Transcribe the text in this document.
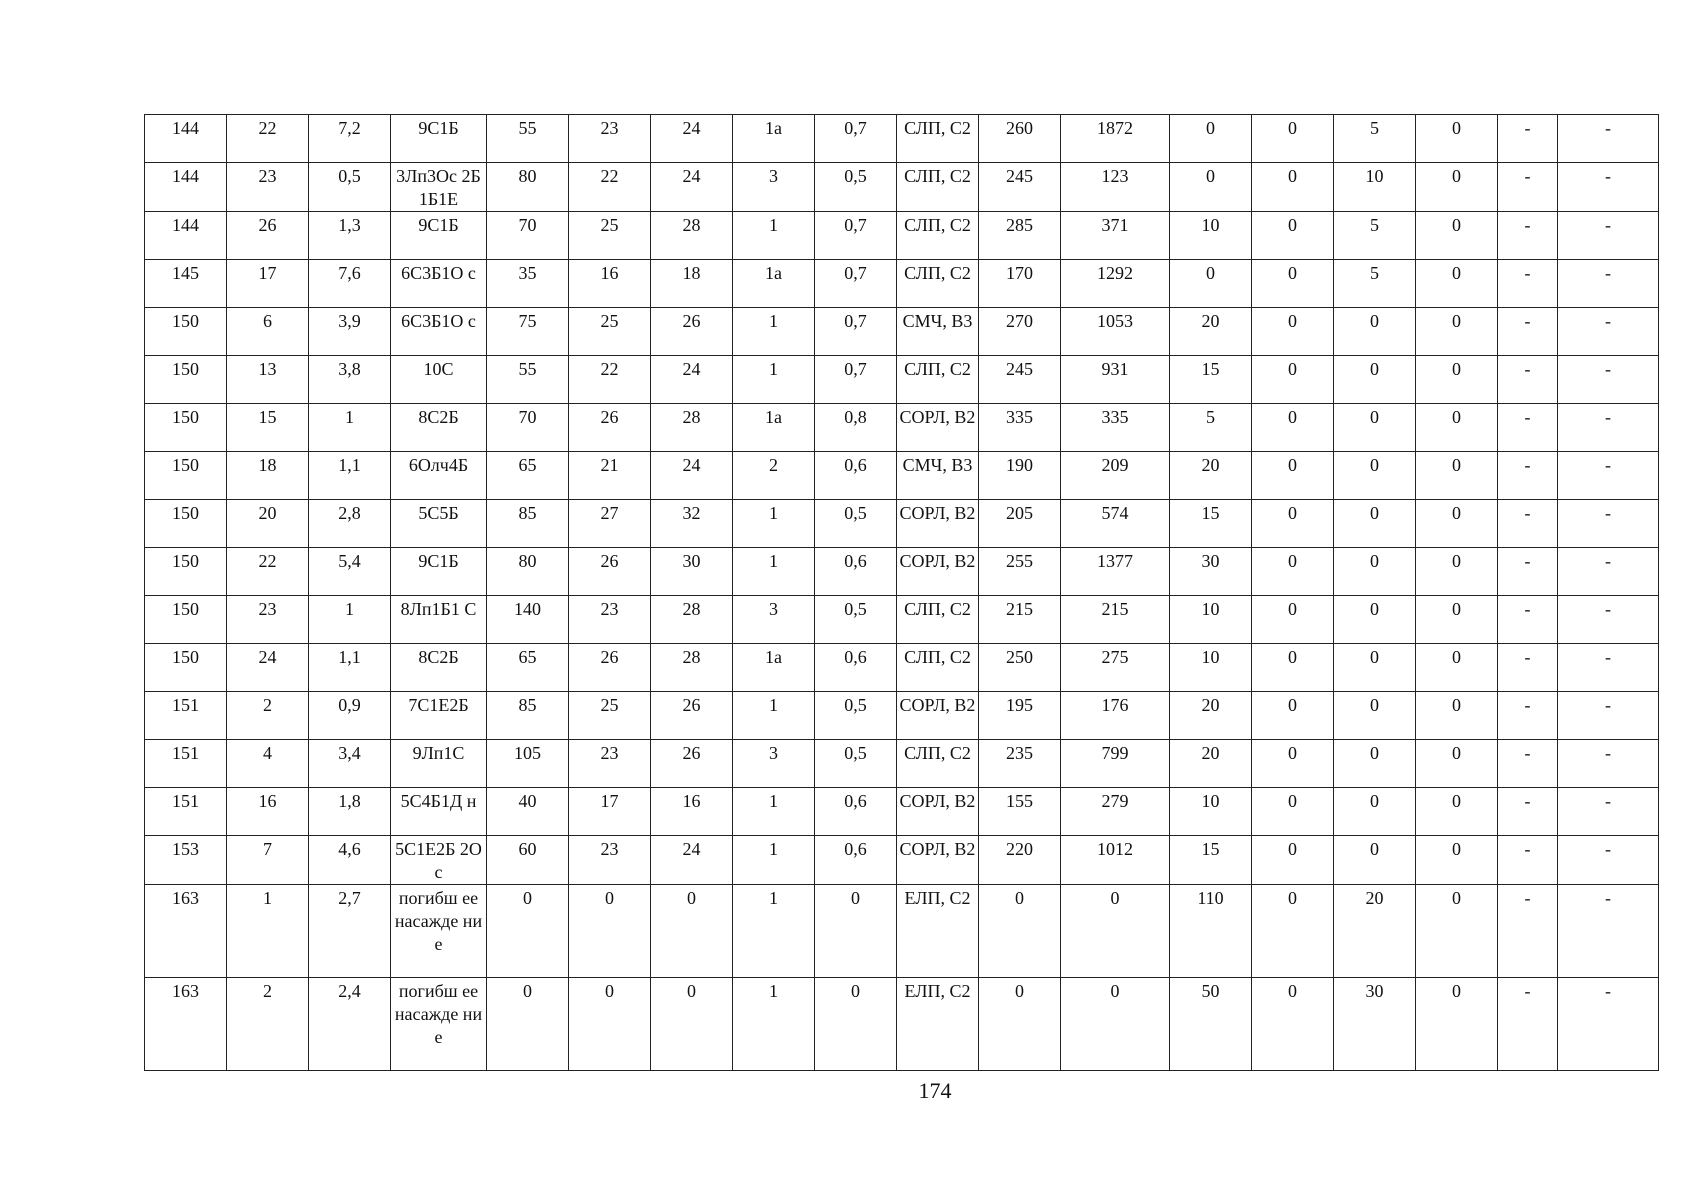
144	22	7,2	9С1Б	55	23	24	1а	0,7	СЛП, С2	260	1872	0	0	5	0	-	-
144	23	0,5	3Лп3Ос 2Б1Б1Е	80	22	24	3	0,5	СЛП, С2	245	123	0	0	10	0	-	-
144	26	1,3	9С1Б	70	25	28	1	0,7	СЛП, С2	285	371	10	0	5	0	-	-
145	17	7,6	6С3Б1О с	35	16	18	1а	0,7	СЛП, С2	170	1292	0	0	5	0	-	-
150	6	3,9	6С3Б1О с	75	25	26	1	0,7	СМЧ, В3	270	1053	20	0	0	0	-	-
150	13	3,8	10С	55	22	24	1	0,7	СЛП, С2	245	931	15	0	0	0	-	-
150	15	1	8С2Б	70	26	28	1а	0,8	СОРЛ, В2	335	335	5	0	0	0	-	-
150	18	1,1	6Олч4Б	65	21	24	2	0,6	СМЧ, В3	190	209	20	0	0	0	-	-
150	20	2,8	5С5Б	85	27	32	1	0,5	СОРЛ, В2	205	574	15	0	0	0	-	-
150	22	5,4	9С1Б	80	26	30	1	0,6	СОРЛ, В2	255	1377	30	0	0	0	-	-
150	23	1	8Лп1Б1 С	140	23	28	3	0,5	СЛП, С2	215	215	10	0	0	0	-	-
150	24	1,1	8С2Б	65	26	28	1а	0,6	СЛП, С2	250	275	10	0	0	0	-	-
151	2	0,9	7С1Е2Б	85	25	26	1	0,5	СОРЛ, В2	195	176	20	0	0	0	-	-
151	4	3,4	9Лп1С	105	23	26	3	0,5	СЛП, С2	235	799	20	0	0	0	-	-
151	16	1,8	5С4Б1Д н	40	17	16	1	0,6	СОРЛ, В2	155	279	10	0	0	0	-	-
153	7	4,6	5С1Е2Б 2Ос	60	23	24	1	0,6	СОРЛ, В2	220	1012	15	0	0	0	-	-
163	1	2,7	погибш ее насажде ние	0	0	0	1	0	ЕЛП, С2	0	0	110	0	20	0	-	-
163	2	2,4	погибш ее насажде ние	0	0	0	1	0	ЕЛП, С2	0	0	50	0	30	0	-	-
174
